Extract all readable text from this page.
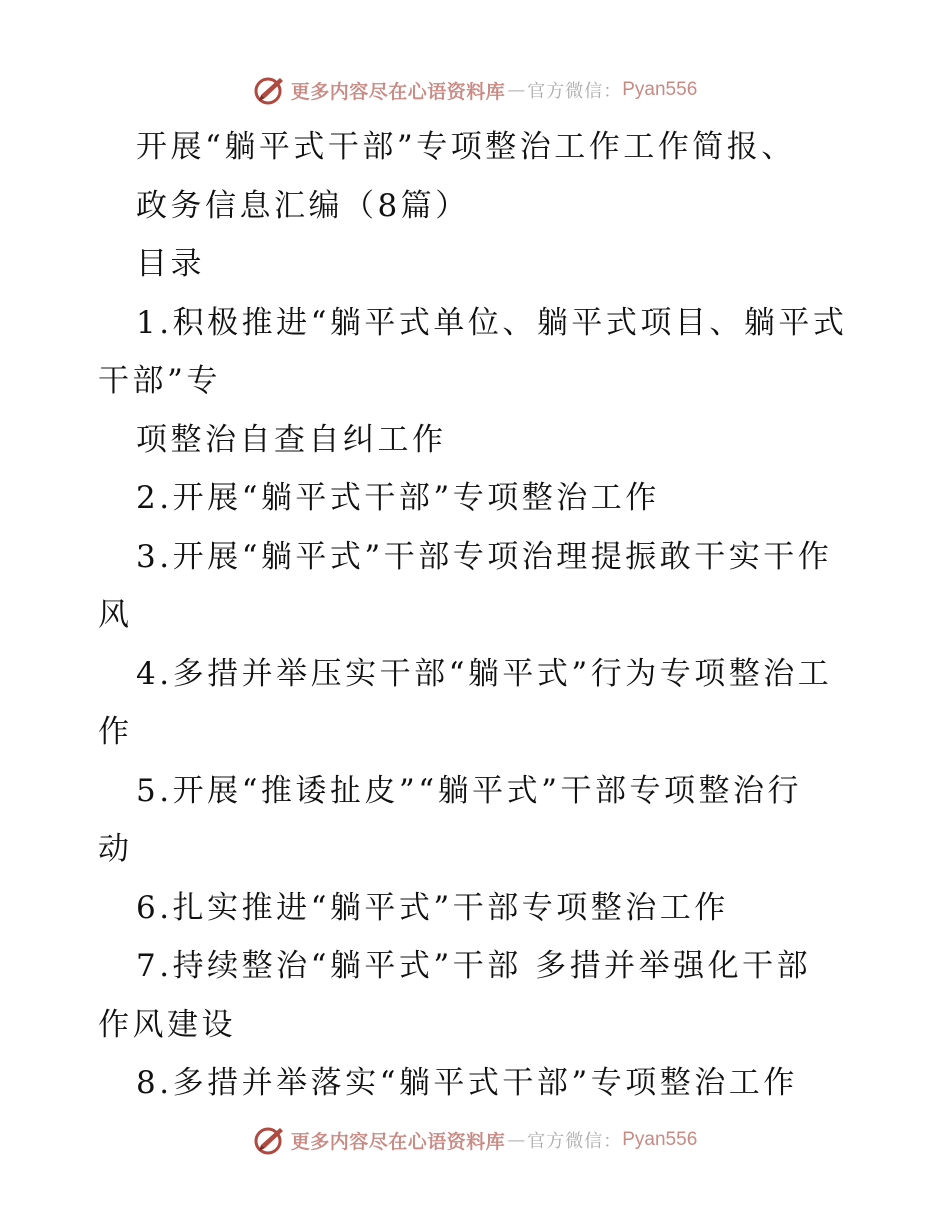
更多内容尽在心语资料库 — 官方微信： Pyan556
开展“躺平式干部”专项整治工作工作简报、
政务信息汇编（8篇）
目录
1.积极推进“躺平式单位、躺平式项目、躺平式
干部”专
项整治自查自纠工作
2.开展“躺平式干部”专项整治工作
3.开展“躺平式”干部专项治理提振敢干实干作
风
4.多措并举压实干部“躺平式”行为专项整治工
作
5.开展“推诿扯皮”“躺平式”干部专项整治行
动
6.扎实推进“躺平式”干部专项整治工作
7.持续整治“躺平式”干部 多措并举强化干部
作风建设
8.多措并举落实“躺平式干部”专项整治工作
更多内容尽在心语资料库 — 官方微信： Pyan556
